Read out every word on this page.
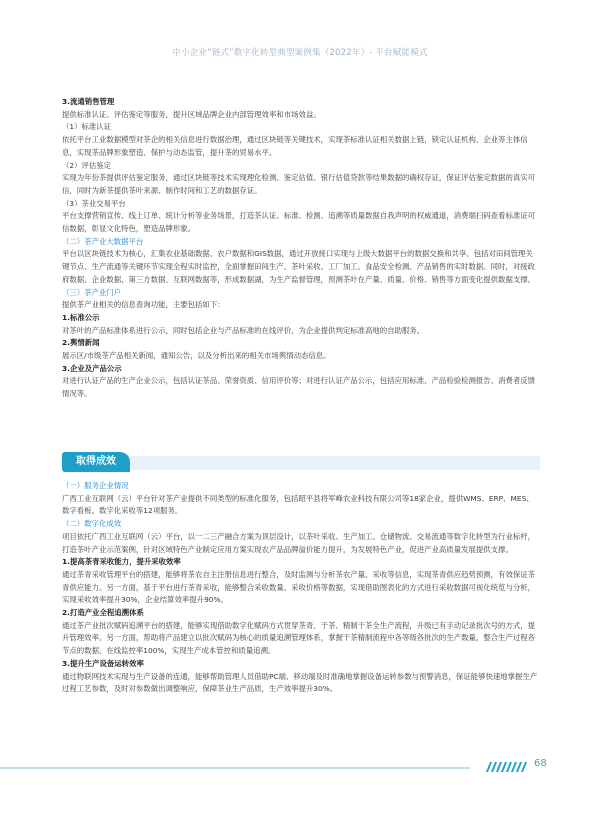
中小企业“链式”数字化转型典型案例集（2022年）- 平台赋能模式

3.流通销售管理

提供标准认证、评估鉴定等服务，提升区域品牌企业内部管理效率和市场效益。

（1）标准认证

依托平台工业数据模型对茶企的相关信息进行数据治理，通过区块链等关键技术，实现茶标准认证相关数据上链，锁定认证机构、企业等主体信息，实现茶品牌形象塑造、保护与动态监管，提升茶的贸易水平。

（2）评估鉴定

实现为年份茶提供评估鉴定服务，通过区块链等技术实现理化检测、鉴定估值、银行估值贷款等结果数据的确权存证，保证评估鉴定数据的真实可信，同时为新茶提供茶叶来源、制作时间和工艺的数据存证。

（3）茶业交易平台

平台支撑营销宣传、线上订单、统计分析等业务场景，打造茶认证、标准、检测、追溯等质量数据自我声明的权威通道，消费端扫码查看标准证可信数据，彰显文化特色，塑造品牌形象。

（二）茶产业大数据平台

平台以区块链技术为核心，汇集农业基础数据、农户数据和GIS数据，通过开放接口实现与上级大数据平台的数据交换和共享。包括对田间管理关键节点、生产流通等关键环节实现全程实时监控，全面掌握田间生产、茶叶采收、工厂加工、食品安全检测、产品销售的实时数据。同时，对接政府数据、企业数据、第三方数据、互联网数据等，形成数据湖，为生产监督管理，预测茶叶在产量、质量、价格、销售等方面变化提供数据支撑。

（三）茶产业门户

提供茶产业相关的信息查询功能，主要包括如下：

1.标准公示

对茶叶的产品标准体系进行公示，同时包括企业与产品标准的在线评价，为企业提供判定标准高地的自助服务。

2.舆情新闻

展示区/市级茶产品相关新闻，通知公告，以及分析出来的相关市场舆情动态信息。

3.企业及产品公示

对进行认证产品的生产企业公示，包括认证茶品、荣誉资质、信用评价等；对进行认证产品公示，包括应用标准、产品检验检测报告、消费者反馈情况等。

取得成效

（一）服务企业情况

广西工业互联网（云）平台针对茶产业提供不同类型的标准化服务，包括昭平县将军峰农业科技有限公司等18家企业，提供WMS、ERP、MES、数字看板、数字化采收等12项服务。

（二）数字化成效

项目依托广西工业互联网（云）平台，以一二三产融合方案为顶层设计，以茶叶采收、生产加工、仓储物流、交易流通等数字化转型为行业标杆，打造茶叶产业示范案例，针对区域特色产业制定应用方案实现农产品品牌溢价能力提升，为发展特色产业，促进产业高质量发展提供支撑。

1.提高茶青采收能力，提升采收效率

通过茶青采收管理平台的搭建，能够将茶农自主注册信息进行整合，及时监测与分析茶农产量、采收等信息，实现茶青供应趋势预测，有效保证茶青供应能力。另一方面，基于平台进行茶青采收，能够整合采收数量、采收价格等数据，实现借助图表化的方式进行采收数据可视化统览与分析，实现采收效率提升30%，企业结算效率提升90%。

2.打造产业全程追溯体系

通过茶产业批次赋码追溯平台的搭建，能够实现借助数字化赋码方式贯穿茶青、干茶、精制干茶全生产流程，升级已有手动记录批次号的方式，提升管理效率。另一方面，帮助将产品建立以批次赋码为核心的质量追溯管理体系，掌握干茶精制流程中各等级各批次的生产数量，整合生产过程各节点的数据，在线监控率100%，实现生产成本管控和质量追溯。

3.提升生产设备运转效率

通过物联网技术实现与生产设备的连通，能够帮助管理人员借助PC端、移动端及时准确地掌握设备运转参数与预警消息，保证能够快速地掌握生产过程工艺参数，及时对参数做出调整响应，保障茶业生产品质，生产效率提升30%。

68
